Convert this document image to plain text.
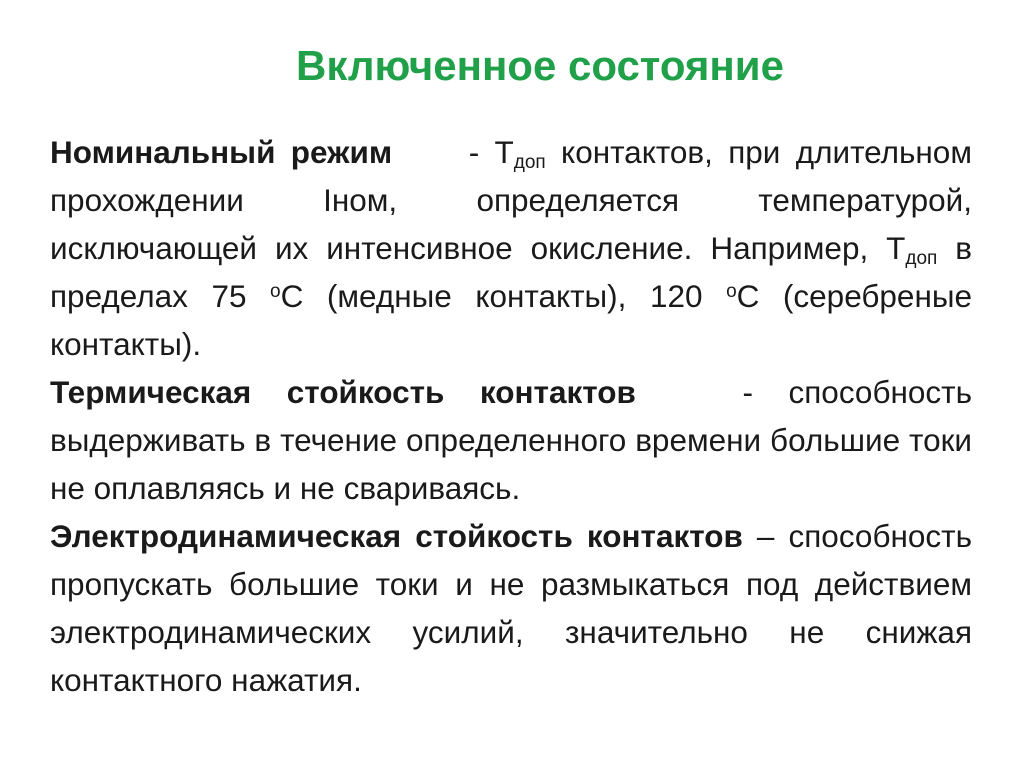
Включенное состояние

Номинальный режим     - $Т_{доп}$ контактов, при длительном прохождении Iном, определяется температурой, исключающей их интенсивное окисление. Например, $Т_{доп}$ в пределах 75 $^о$С (медные контакты), 120 $^о$С (серебреные контакты).

Термическая стойкость контактов   - способность выдерживать в течение определенного времени большие токи не оплавляясь и не свариваясь.

Электродинамическая стойкость контактов – способность пропускать большие токи и не размыкаться под действием электродинамических усилий, значительно не снижая контактного нажатия.
